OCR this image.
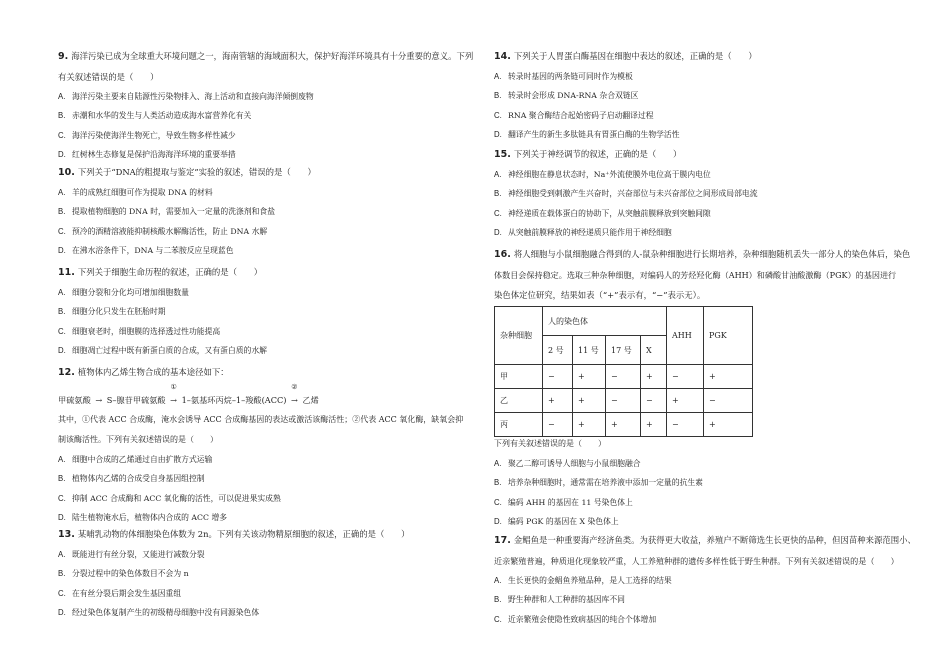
9. 海洋污染已成为全球重大环境问题之一，海南管辖的海域面积大，保护好海洋环境具有十分重要的意义。下列

有关叙述错误的是（　　）

A. 海洋污染主要来自陆源性污染物排入、海上活动和直接向海洋倾倒废物

B. 赤潮和水华的发生与人类活动造成海水富营养化有关

C. 海洋污染使海洋生物死亡，导致生物多样性减少

D. 红树林生态修复是保护沿海海洋环境的重要举措

10. 下列关于“DNA的粗提取与鉴定”实验的叙述，错误的是（　　）

A. 羊的成熟红细胞可作为提取 DNA 的材料

B. 提取植物细胞的 DNA 时，需要加入一定量的洗涤剂和食盐

C. 预冷的酒精溶液能抑制核酸水解酶活性，防止 DNA 水解

D. 在沸水浴条件下，DNA 与二苯胺反应呈现蓝色

11. 下列关于细胞生命历程的叙述，正确的是（　　）

A. 细胞分裂和分化均可增加细胞数量

B. 细胞分化只发生在胚胎时期

C. 细胞衰老时，细胞膜的选择透过性功能提高

D. 细胞凋亡过程中既有新蛋白质的合成，又有蛋白质的水解

12. 植物体内乙烯生物合成的基本途径如下：

甲硫氨酸 → S–腺苷甲硫氨酸
①
→ 1–氨基环丙烷–1–羧酸(ACC)
②
→ 乙烯

其中，①代表 ACC 合成酶，淹水会诱导 ACC 合成酶基因的表达或激活该酶活性；②代表 ACC 氧化酶，缺氧会抑

制该酶活性。下列有关叙述错误的是（　　）

A. 细胞中合成的乙烯通过自由扩散方式运输

B. 植物体内乙烯的合成受自身基因组控制

C. 抑制 ACC 合成酶和 ACC 氧化酶的活性，可以促进果实成熟

D. 陆生植物淹水后，植物体内合成的 ACC 增多

13. 某哺乳动物的体细胞染色体数为 2n。下列有关该动物精原细胞的叙述，正确的是（　　）

A. 既能进行有丝分裂，又能进行减数分裂

B. 分裂过程中的染色体数目不会为 n

C. 在有丝分裂后期会发生基因重组

D. 经过染色体复制产生的初级精母细胞中没有同源染色体

14. 下列关于人胃蛋白酶基因在细胞中表达的叙述，正确的是（　　）

A. 转录时基因的两条链可同时作为模板

B. 转录时会形成 DNA-RNA 杂合双链区

C. RNA 聚合酶结合起始密码子启动翻译过程

D. 翻译产生的新生多肽链具有胃蛋白酶的生物学活性

15. 下列关于神经调节的叙述，正确的是（　　）

A. 神经细胞在静息状态时，Na⁺外流使膜外电位高于膜内电位

B. 神经细胞受到刺激产生兴奋时，兴奋部位与未兴奋部位之间形成局部电流

C. 神经递质在载体蛋白的协助下，从突触前膜释放到突触间隙

D. 从突触前膜释放的神经递质只能作用于神经细胞

16. 将人细胞与小鼠细胞融合得到的人-鼠杂种细胞进行长期培养，杂种细胞随机丢失一部分人的染色体后，染色

体数目会保持稳定。选取三种杂种细胞，对编码人的芳烃羟化酶（AHH）和磷酸甘油酸激酶（PGK）的基因进行

染色体定位研究，结果如表（“+”表示有，“−”表示无）。

杂种细胞	人的染色体				AHH	PGK
	2 号	11 号	17 号	X		
甲	−	+	−	+	−	+
乙	+	+	−	−	+	−
丙	−	+	+	+	−	+

下列有关叙述错误的是（　　）

A. 聚乙二醇可诱导人细胞与小鼠细胞融合

B. 培养杂种细胞时，通常需在培养液中添加一定量的抗生素

C. 编码 AHH 的基因在 11 号染色体上

D. 编码 PGK 的基因在 X 染色体上

17. 金鲳鱼是一种重要海产经济鱼类。为获得更大收益，养殖户不断筛选生长更快的品种，但因苗种来源范围小、

近亲繁殖普遍，种质退化现象较严重，人工养殖种群的遗传多样性低于野生种群。下列有关叙述错误的是（　　）

A. 生长更快的金鲳鱼养殖品种，是人工选择的结果

B. 野生种群和人工种群的基因库不同

C. 近亲繁殖会使隐性致病基因的纯合个体增加
